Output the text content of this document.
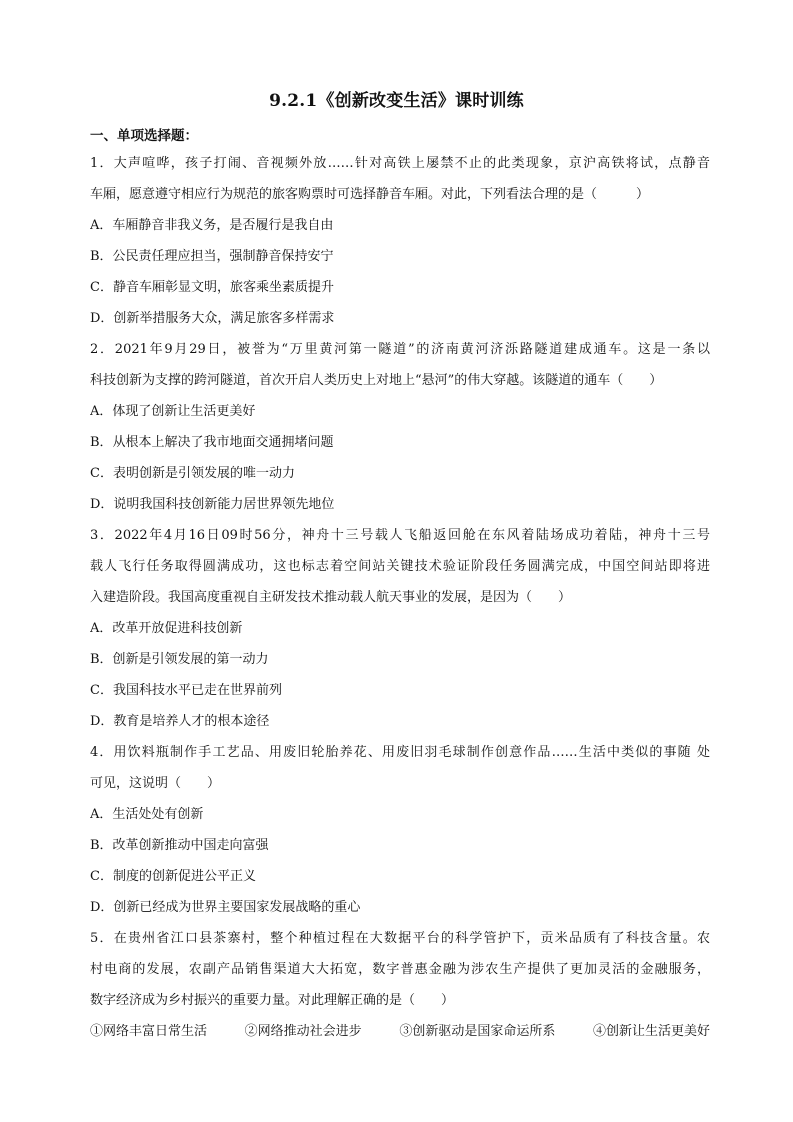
9.2.1《创新改变生活》课时训练
一、单项选择题：
1．大声喧哗，孩子打闹、音视频外放……针对高铁上屡禁不止的此类现象，京沪高铁将试，点静音
车厢，愿意遵守相应行为规范的旅客购票时可选择静音车厢。对此，下列看法合理的是（　　　）
A．车厢静音非我义务，是否履行是我自由
B．公民责任理应担当，强制静音保持安宁
C．静音车厢彰显文明，旅客乘坐素质提升
D．创新举措服务大众，满足旅客多样需求
2．2021年9月29日，被誉为“万里黄河第一隧道”的济南黄河济泺路隧道建成通车。这是一条以
科技创新为支撑的跨河隧道，首次开启人类历史上对地上“悬河”的伟大穿越。该隧道的通车（　　）
A．体现了创新让生活更美好
B．从根本上解决了我市地面交通拥堵问题
C．表明创新是引领发展的唯一动力
D．说明我国科技创新能力居世界领先地位
3．2022年4月16日09时56分，神舟十三号载人飞船返回舱在东风着陆场成功着陆，神舟十三号
载人飞行任务取得圆满成功，这也标志着空间站关键技术验证阶段任务圆满完成，中国空间站即将进
入建造阶段。我国高度重视自主研发技术推动载人航天事业的发展，是因为（　　）
A．改革开放促进科技创新
B．创新是引领发展的第一动力
C．我国科技水平已走在世界前列
D．教育是培养人才的根本途径
4．用饮料瓶制作手工艺品、用废旧轮胎养花、用废旧羽毛球制作创意作品……生活中类似的事随 处
可见，这说明（　　）
A．生活处处有创新
B．改革创新推动中国走向富强
C．制度的创新促进公平正义
D．创新已经成为世界主要国家发展战略的重心
5．在贵州省江口县茶寨村，整个种植过程在大数据平台的科学管护下，贡米品质有了科技含量。农
村电商的发展，农副产品销售渠道大大拓宽，数字普惠金融为涉农生产提供了更加灵活的金融服务，
数字经济成为乡村振兴的重要力量。对此理解正确的是（　　）
①网络丰富日常生活	②网络推动社会进步	③创新驱动是国家命运所系	④创新让生活更美好
